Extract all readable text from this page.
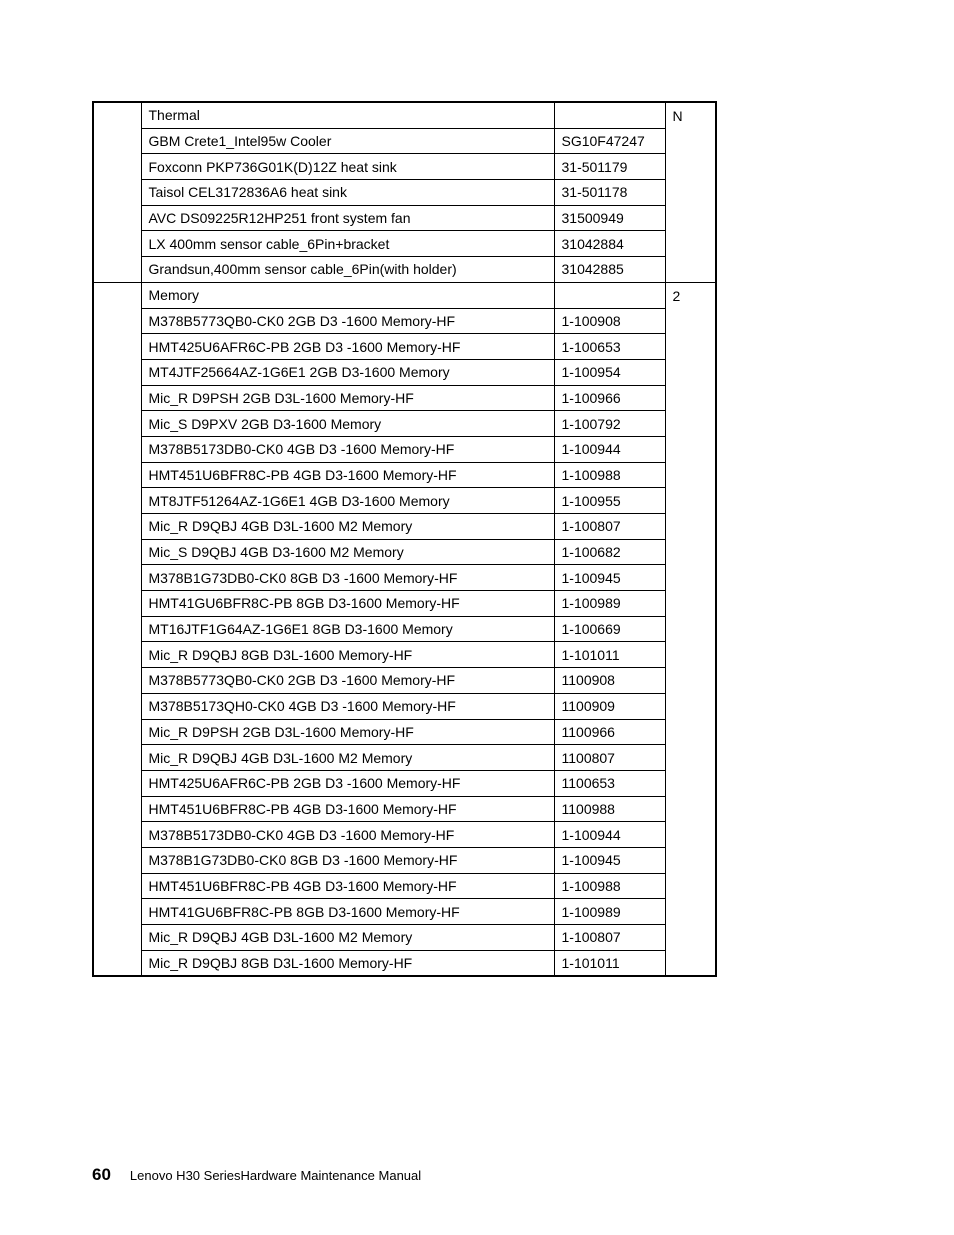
	Thermal		N
	GBM Crete1_Intel95w Cooler	SG10F47247	
	Foxconn PKP736G01K(D)12Z heat sink	31-501179	
	Taisol CEL3172836A6 heat sink	31-501178	
	AVC DS09225R12HP251 front system fan	31500949	
	LX 400mm sensor cable_6Pin+bracket	31042884	
	Grandsun,400mm sensor cable_6Pin(with holder)	31042885	
	Memory		2
	M378B5773QB0-CK0 2GB D3 -1600 Memory-HF	1-100908	
	HMT425U6AFR6C-PB 2GB D3 -1600 Memory-HF	1-100653	
	MT4JTF25664AZ-1G6E1 2GB D3-1600 Memory	1-100954	
	Mic_R D9PSH 2GB D3L-1600 Memory-HF	1-100966	
	Mic_S D9PXV 2GB D3-1600 Memory	1-100792	
	M378B5173DB0-CK0 4GB D3 -1600 Memory-HF	1-100944	
	HMT451U6BFR8C-PB 4GB D3-1600 Memory-HF	1-100988	
	MT8JTF51264AZ-1G6E1 4GB D3-1600 Memory	1-100955	
	Mic_R D9QBJ 4GB D3L-1600 M2 Memory	1-100807	
	Mic_S D9QBJ 4GB D3-1600 M2 Memory	1-100682	
	M378B1G73DB0-CK0 8GB D3 -1600 Memory-HF	1-100945	
	HMT41GU6BFR8C-PB 8GB D3-1600 Memory-HF	1-100989	
	MT16JTF1G64AZ-1G6E1 8GB D3-1600 Memory	1-100669	
	Mic_R D9QBJ 8GB D3L-1600 Memory-HF	1-101011	
	M378B5773QB0-CK0 2GB D3 -1600 Memory-HF	1100908	
	M378B5173QH0-CK0 4GB D3 -1600 Memory-HF	1100909	
	Mic_R D9PSH 2GB D3L-1600 Memory-HF	1100966	
	Mic_R D9QBJ 4GB D3L-1600 M2 Memory	1100807	
	HMT425U6AFR6C-PB 2GB D3 -1600 Memory-HF	1100653	
	HMT451U6BFR8C-PB 4GB D3-1600 Memory-HF	1100988	
	M378B5173DB0-CK0 4GB D3 -1600 Memory-HF	1-100944	
	M378B1G73DB0-CK0 8GB D3 -1600 Memory-HF	1-100945	
	HMT451U6BFR8C-PB 4GB D3-1600 Memory-HF	1-100988	
	HMT41GU6BFR8C-PB 8GB D3-1600 Memory-HF	1-100989	
	Mic_R D9QBJ 4GB D3L-1600 M2 Memory	1-100807	
	Mic_R D9QBJ 8GB D3L-1600 Memory-HF	1-101011	
60 Lenovo H30 SeriesHardware Maintenance Manual
